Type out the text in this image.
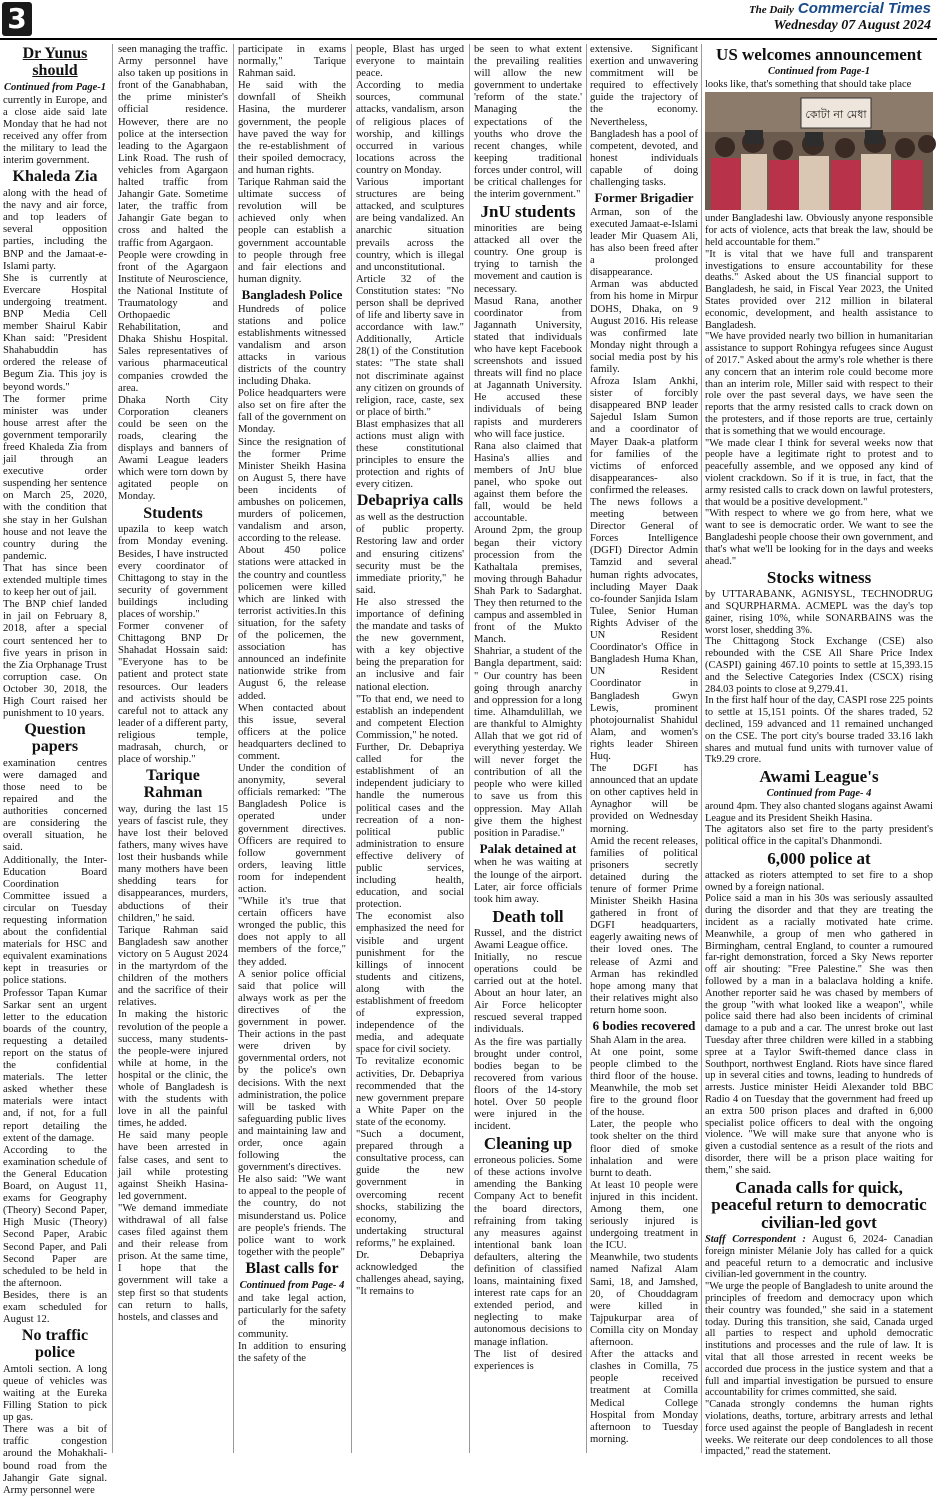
3	The Daily Commercial Times
Wednesday 07 August 2024
Dr Yunus should
Continued from Page-1

currently in Europe, and a close aide said late Monday that he had not received any offer from the military to lead the interim government.

Khaleda Zia

along with the head of the navy and air force, and top leaders of several opposition parties, including the BNP and the Jamaat-e-Islami party.

She is currently at Evercare Hospital undergoing treatment. BNP Media Cell member Shairul Kabir Khan said: "President Shahabuddin has ordered the release of Begum Zia. This joy is beyond words."

The former prime minister was under house arrest after the government temporarily freed Khaleda Zia from jail through an executive order suspending her sentence on March 25, 2020, with the condition that she stay in her Gulshan house and not leave the country during the pandemic.

That has since been extended multiple times to keep her out of jail.

The BNP chief landed in jail on February 8, 2018, after a special court sentenced her to five years in prison in the Zia Orphanage Trust corruption case. On October 30, 2018, the High Court raised her punishment to 10 years.

Question papers

examination centres were damaged and those need to be repaired and the authorities concerned are considering the overall situation, he said.

Additionally, the Inter-Education Board Coordination Committee issued a circular on Tuesday requesting information about the confidential materials for HSC and equivalent examinations kept in treasuries or police stations.

Professor Tapan Kumar Sarkar sent an urgent letter to the education boards of the country, requesting a detailed report on the status of the confidential materials. The letter asked whether these materials were intact and, if not, for a full report detailing the extent of the damage.

According to the examination schedule of the General Education Board, on August 11, exams for Geography (Theory) Second Paper, High Music (Theory) Second Paper, Arabic Second Paper, and Pali Second Paper are scheduled to be held in the afternoon.

Besides, there is an exam scheduled for August 12.

No traffic police

Amtoli section. A long queue of vehicles was waiting at the Eureka Filling Station to pick up gas.

There was a bit of traffic congestion around the Mohakhali-bound road from the Jahangir Gate signal. Army personnel were

seen managing the traffic.

Army personnel have also taken up positions in front of the Ganabhaban, the prime minister's official residence. However, there are no police at the intersection leading to the Agargaon Link Road. The rush of vehicles from Agargaon halted traffic from Jahangir Gate. Sometime later, the traffic from Jahangir Gate began to cross and halted the traffic from Agargaon.

People were crowding in front of the Agargaon Institute of Neuroscience, the National Institute of Traumatology and Orthopaedic Rehabilitation, and Dhaka Shishu Hospital. Sales representatives of various pharmaceutical companies crowded the area.

Dhaka North City Corporation cleaners could be seen on the roads, clearing the displays and banners of Awami League leaders which were torn down by agitated people on Monday.

Students

upazila to keep watch from Monday evening. Besides, I have instructed every coordinator of Chittagong to stay in the security of government buildings including places of worship."

Former convener of Chittagong BNP Dr Shahadat Hossain said: "Everyone has to be patient and protect state resources. Our leaders and activists should be careful not to attack any leader of a different party, religious temple, madrasah, church, or place of worship."

Tarique Rahman

way, during the last 15 years of fascist rule, they have lost their beloved fathers, many wives have lost their husbands while many mothers have been shedding tears for disappearances, murders, abductions of their children," he said.

Tarique Rahman said Bangladesh saw another victory on 5 August 2024 in the martyrdom of the children of the mothers and the sacrifice of their relatives.

In making the historic revolution of the people a success, many students-the people-were injured while at home, in the hospital or the clinic, the whole of Bangladesh is with the students with love in all the painful times, he added.

He said many people have been arrested in false cases, and sent to jail while protesting against Sheikh Hasina-led government.

"We demand immediate withdrawal of all false cases filed against them and their release from prison. At the same time, I hope that the government will take a step first so that students can return to halls, hostels, and classes and

participate in exams normally," Tarique Rahman said.

He said with the downfall of Sheikh Hasina, the murderer government, the people have paved the way for the re-establishment of their spoiled democracy, and human rights.

Tarique Rahman said the ultimate success of revolution will be achieved only when people can establish a government accountable to people through free and fair elections and human dignity.

Bangladesh Police

Hundreds of police stations and police establishments witnessed vandalism and arson attacks in various districts of the country including Dhaka.

Police headquarters were also set on fire after the fall of the government on Monday.

Since the resignation of the former Prime Minister Sheikh Hasina on August 5, there have been incidents of ambushes on policemen, murders of policemen, vandalism and arson, according to the release.

About 450 police stations were attacked in the country and countless policemen were killed which are linked with terrorist activities.In this situation, for the safety of the policemen, the association has announced an indefinite nationwide strike from August 6, the release added.

When contacted about this issue, several officers at the police headquarters declined to comment.

Under the condition of anonymity, several officials remarked: "The Bangladesh Police is operated under government directives. Officers are required to follow government orders, leaving little room for independent action.

"While it's true that certain officers have wronged the public, this does not apply to all members of the force," they added.

A senior police official said that police will always work as per the directives of the government in power. Their actions in the past were driven by governmental orders, not by the police's own decisions. With the next administration, the police will be tasked with safeguarding public lives and maintaining law and order, once again following the government's directives.

He also said: "We want to appeal to the people of the country, do not misunderstand us. Police are people's friends. The police want to work together with the people"

Blast calls for
Continued from Page- 4

and take legal action, particularly for the safety of the minority community.

In addition to ensuring the safety of the

people, Blast has urged everyone to maintain peace.

According to media sources, communal attacks, vandalism, arson of religious places of worship, and killings occurred in various locations across the country on Monday.

Various important structures are being attacked, and sculptures are being vandalized. An anarchic situation prevails across the country, which is illegal and unconstitutional.

Article 32 of the Constitution states: "No person shall be deprived of life and liberty save in accordance with law." Additionally, Article 28(1) of the Constitution states: "The state shall not discriminate against any citizen on grounds of religion, race, caste, sex or place of birth."

Blast emphasizes that all actions must align with these constitutional principles to ensure the protection and rights of every citizen.

Debapriya calls

as well as the destruction of public property. Restoring law and order and ensuring citizens' security must be the immediate priority," he said.

He also stressed the importance of defining the mandate and tasks of the new government, with a key objective being the preparation for an inclusive and fair national election.

"To that end, we need to establish an independent and competent Election Commission," he noted.

Further, Dr. Debapriya called for the establishment of an independent judiciary to handle the numerous political cases and the recreation of a non-political public administration to ensure effective delivery of public services, including health, education, and social protection.

The economist also emphasized the need for visible and urgent punishment for the killings of innocent students and citizens, along with the establishment of freedom of expression, independence of the media, and adequate space for civil society.

To revitalize economic activities, Dr. Debapriya recommended that the new government prepare a White Paper on the state of the economy.

"Such a document, prepared through a consultative process, can guide the new government in overcoming recent shocks, stabilizing the economy, and undertaking structural reforms," he explained.

Dr. Debapriya acknowledged the challenges ahead, saying, "It remains to

be seen to what extent the prevailing realities will allow the new government to undertake 'reform of the state.' Managing the expectations of the youths who drove the recent changes, while keeping traditional forces under control, will be critical challenges for the interim government."

JnU students

minorities are being attacked all over the country. One group is trying to tarnish the movement and caution is necessary.

Masud Rana, another coordinator from Jagannath University, stated that individuals who have kept Facebook screenshots and issued threats will find no place at Jagannath University. He accused these individuals of being rapists and murderers who will face justice.

Rana also claimed that Hasina's allies and members of JnU blue panel, who spoke out against them before the fall, would be held accountable.

Around 2pm, the group began their victory procession from the Kathaltala premises, moving through Bahadur Shah Park to Sadarghat. They then returned to the campus and assembled in front of the Mukto Manch.

Shahriar, a student of the Bangla department, said: " Our country has been going through anarchy and oppression for a long time. Alhamdulillah, we are thankful to Almighty Allah that we got rid of everything yesterday. We will never forget the contribution of all the people who were killed to save us from this oppression. May Allah give them the highest position in Paradise."

Palak detained at

when he was waiting at the lounge of the airport. Later, air force officials took him away.

Death toll

Russel, and the district Awami League office.

Initially, no rescue operations could be carried out at the hotel. About an hour later, an Air Force helicopter rescued several trapped individuals.

As the fire was partially brought under control, bodies began to be recovered from various floors of the 14-story hotel. Over 50 people were injured in the incident.

Cleaning up

erroneous policies. Some of these actions involve amending the Banking Company Act to benefit the board directors, refraining from taking any measures against intentional bank loan defaulters, altering the definition of classified loans, maintaining fixed interest rate caps for an extended period, and neglecting to make autonomous decisions to manage inflation.

The list of desired experiences is

extensive. Significant exertion and unwavering commitment will be required to effectively guide the trajectory of the economy. Nevertheless, Bangladesh has a pool of competent, devoted, and honest individuals capable of doing challenging tasks.

Former Brigadier

Arman, son of the executed Jamaat-e-Islami leader Mir Quasem Ali, has also been freed after a prolonged disappearance.

Arman was abducted from his home in Mirpur DOHS, Dhaka, on 9 August 2016. His release was confirmed late Monday night through a social media post by his family.

Afroza Islam Ankhi, sister of forcibly disappeared BNP leader Sajedul Islam Sumon and a coordinator of Mayer Daak-a platform for families of the victims of enforced disappearances- also confirmed the releases.

The news follows a meeting between Director General of Forces Intelligence (DGFI) Director Admin Tamzid and several human rights advocates, including Mayer Daak co-founder Sanjida Islam Tulee, Senior Human Rights Adviser of the UN Resident Coordinator's Office in Bangladesh Huma Khan, UN Resident Coordinator in Bangladesh Gwyn Lewis, prominent photojournalist Shahidul Alam, and women's rights leader Shireen Huq.

The DGFI has announced that an update on other captives held in Aynaghor will be provided on Wednesday morning.

Amid the recent releases, families of political prisoners secretly detained during the tenure of former Prime Minister Sheikh Hasina gathered in front of DGFI headquarters, eagerly awaiting news of their loved ones. The release of Azmi and Arman has rekindled hope among many that their relatives might also return home soon.

6 bodies recovered

Shah Alam in the area.

At one point, some people climbed to the third floor of the house. Meanwhile, the mob set fire to the ground floor of the house.

Later, the people who took shelter on the third floor died of smoke inhalation and were burnt to death.

At least 10 people were injured in this incident. Among them, one seriously injured is undergoing treatment in the ICU.

Meanwhile, two students named Nafizal Alam Sami, 18, and Jamshed, 20, of Chouddagram were killed in Tajpukurpar area of Comilla city on Monday afternoon.

After the attacks and clashes in Comilla, 75 people received treatment at Comilla Medical College Hospital from Monday afternoon to Tuesday morning.

US welcomes announcement
Continued from Page-1

looks like, that's something that should take place

কোটা না মেধা

under Bangladeshi law. Obviously anyone responsible for acts of violence, acts that break the law, should be held accountable for them."

"It is vital that we have full and transparent investigations to ensure accountability for these deaths." Asked about the US financial support to Bangladesh, he said, in Fiscal Year 2023, the United States provided over 212 million in bilateral economic, development, and health assistance to Bangladesh.

"We have provided nearly two billion in humanitarian assistance to support Rohingya refugees since August of 2017." Asked about the army's role whether is there any concern that an interim role could become more than an interim role, Miller said with respect to their role over the past several days, we have seen the reports that the army resisted calls to crack down on the protesters, and if those reports are true, certainly that is something that we would encourage.

"We made clear I think for several weeks now that people have a legitimate right to protest and to peacefully assemble, and we opposed any kind of violent crackdown. So if it is true, in fact, that the army resisted calls to crack down on lawful protesters, that would be a positive development."

"With respect to where we go from here, what we want to see is democratic order. We want to see the Bangladeshi people choose their own government, and that's what we'll be looking for in the days and weeks ahead."

Stocks witness

by UTTARABANK, AGNISYSL, TECHNODRUG and SQURPHARMA. ACMEPL was the day's top gainer, rising 10%, while SONARBAINS was the worst loser, shedding 3%.

The Chittagong Stock Exchange (CSE) also rebounded with the CSE All Share Price Index (CASPI) gaining 467.10 points to settle at 15,393.15 and the Selective Categories Index (CSCX) rising 284.03 points to close at 9,279.41.

In the first half hour of the day, CASPI rose 225 points to settle at 15,151 points. Of the shares traded, 52 declined, 159 advanced and 11 remained unchanged on the CSE. The port city's bourse traded 33.16 lakh shares and mutual fund units with turnover value of Tk9.29 crore.

Awami League's
Continued from Page- 4

around 4pm. They also chanted slogans against Awami League and its President Sheikh Hasina.

The agitators also set fire to the party president's political office in the capital's Dhanmondi.

6,000 police at

attacked as rioters attempted to set fire to a shop owned by a foreign national.

Police said a man in his 30s was seriously assaulted during the disorder and that they are treating the incident as a racially motivated hate crime. Meanwhile, a group of men who gathered in Birmingham, central England, to counter a rumoured far-right demonstration, forced a Sky News reporter off air shouting: "Free Palestine." She was then followed by a man in a balaclava holding a knife. Another reporter said he was chased by members of the group "with what looked like a weapon", while police said there had also been incidents of criminal damage to a pub and a car. The unrest broke out last Tuesday after three children were killed in a stabbing spree at a Taylor Swift-themed dance class in Southport, northwest England. Riots have since flared up in several cities and towns, leading to hundreds of arrests. Justice minister Heidi Alexander told BBC Radio 4 on Tuesday that the government had freed up an extra 500 prison places and drafted in 6,000 specialist police officers to deal with the ongoing violence. "We will make sure that anyone who is given a custodial sentence as a result of the riots and disorder, there will be a prison place waiting for them," she said.

Canada calls for quick, peaceful return to democratic civilian-led govt

Staff Correspondent : August 6, 2024- Canadian foreign minister Mélanie Joly has called for a quick and peaceful return to a democratic and inclusive civilian-led government in the country.

"We urge the people of Bangladesh to unite around the principles of freedom and democracy upon which their country was founded," she said in a statement today. During this transition, she said, Canada urged all parties to respect and uphold democratic institutions and processes and the rule of law. It is vital that all those arrested in recent weeks be accorded due process in the justice system and that a full and impartial investigation be pursued to ensure accountability for crimes committed, she said.

"Canada strongly condemns the human rights violations, deaths, torture, arbitrary arrests and lethal force used against the people of Bangladesh in recent weeks. We reiterate our deep condolences to all those impacted," read the statement.
